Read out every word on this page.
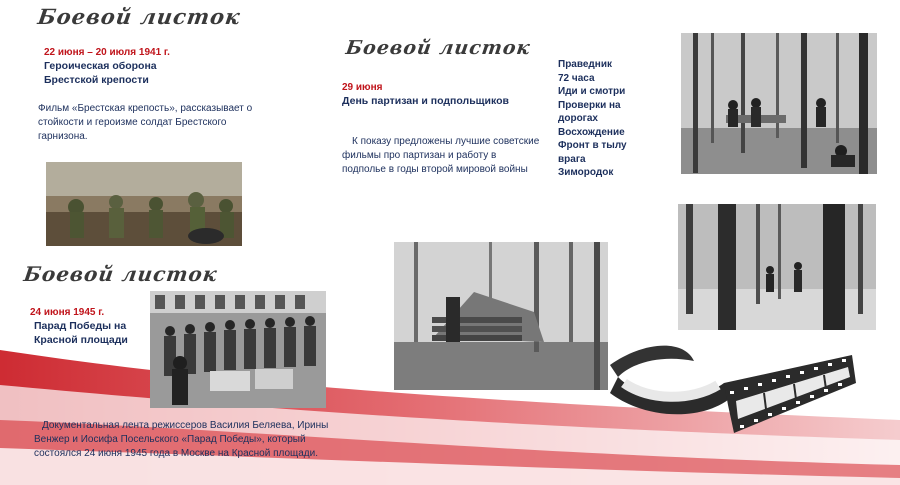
Боевой листок
22 июня – 20 июля 1941 г.
Героическая оборона
Брестской крепости
Фильм «Брестская крепость», рассказывает о стойкости и героизме солдат Брестского гарнизона.
Боевой листок
29 июня
День партизан и подпольщиков
К показу предложены лучшие советские фильмы про партизан и работу в подполье в годы второй мировой войны
Праведник
72 часа
Иди и смотри
Проверки на дорогах
Восхождение
Фронт в тылу врага
Зимородок
Боевой листок
24 июня 1945 г.
Парад Победы на
Красной площади
Документальная лента режиссеров Василия Беляева, Ирины Венжер и Иосифа Посельского «Парад Победы», который состоялся 24 июня 1945 года в Москве на Красной площади.
